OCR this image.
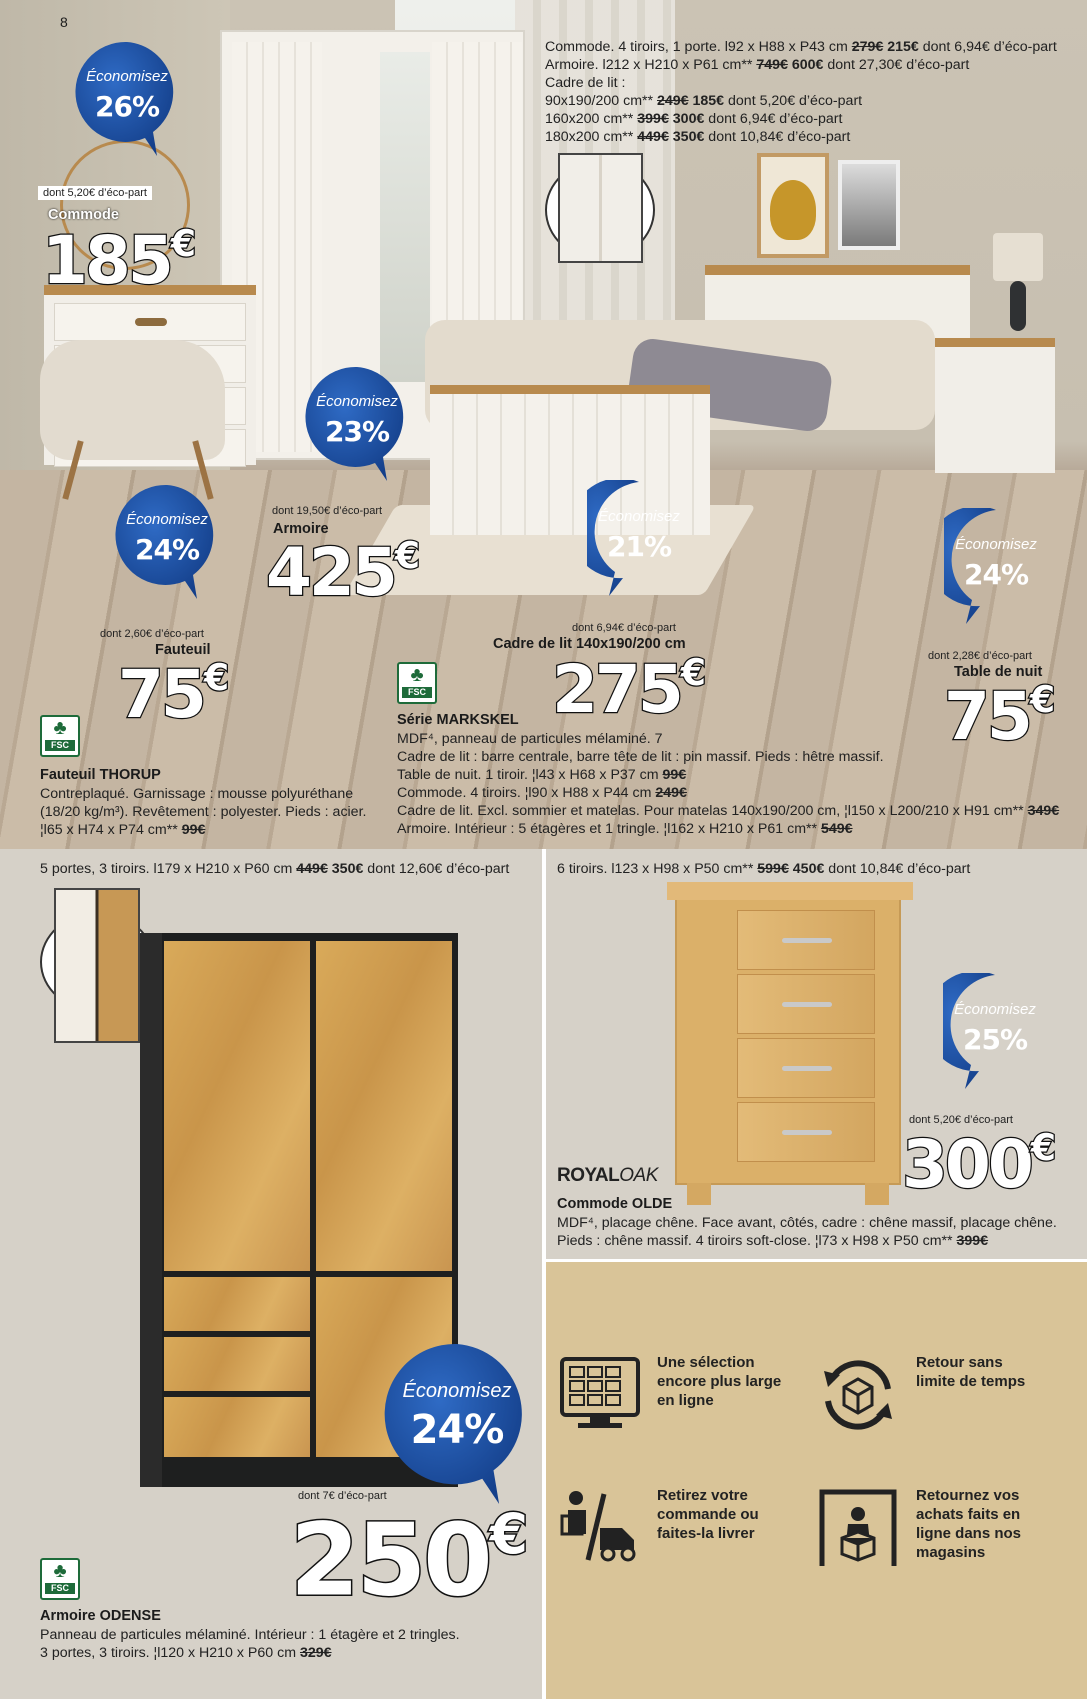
8
Commode. 4 tiroirs, 1 porte. l92 x H88 x P43 cm 279€ 215€ dont 6,94€ d’éco-part
Armoire. l212 x H210 x P61 cm** 749€ 600€ dont 27,30€ d’éco-part
Cadre de lit :
90x190/200 cm** 249€ 185€ dont 5,20€ d’éco-part
160x200 cm** 399€ 300€ dont 6,94€ d’éco-part
180x200 cm** 449€ 350€ dont 10,84€ d’éco-part
Économisez
26%
dont 5,20€ d’éco-part
Commode
185€
Économisez
23%
dont 19,50€ d’éco-part
Armoire
425€
Économisez
24%
dont 2,60€ d’éco-part
Fauteuil
75€
Économisez
21%
dont 6,94€ d’éco-part
Cadre de lit 140x190/200 cm
275€
Économisez
24%
dont 2,28€ d’éco-part
Table de nuit
75€
♣
FSC
♣
FSC
Fauteuil THORUP
Contreplaqué. Garnissage : mousse polyuréthane
(18/20 kg/m³). Revêtement : polyester. Pieds : acier.
¦l65 x H74 x P74 cm** 99€
Série MARKSKEL
MDF⁴, panneau de particules mélaminé. 7
Cadre de lit : barre centrale, barre tête de lit : pin massif. Pieds : hêtre massif.
Table de nuit. 1 tiroir. ¦l43 x H68 x P37 cm 99€
Commode. 4 tiroirs. ¦l90 x H88 x P44 cm 249€
Cadre de lit. Excl. sommier et matelas. Pour matelas 140x190/200 cm, ¦l150 x L200/210 x H91 cm** 349€
Armoire. Intérieur : 5 étagères et 1 tringle. ¦l162 x H210 x P61 cm** 549€
5 portes, 3 tiroirs. l179 x H210 x P60 cm 449€ 350€ dont 12,60€ d’éco-part
Économisez
24%
dont 7€ d’éco-part
250€
♣
FSC
Armoire ODENSE
Panneau de particules mélaminé. Intérieur : 1 étagère et 2 tringles.
3 portes, 3 tiroirs. ¦l120 x H210 x P60 cm 329€
6 tiroirs. l123 x H98 x P50 cm** 599€ 450€ dont 10,84€ d’éco-part
Économisez
25%
dont 5,20€ d’éco-part
300€
ROYALOAK
Commode OLDE
MDF⁴, placage chêne. Face avant, côtés, cadre : chêne massif, placage chêne.
Pieds : chêne massif. 4 tiroirs soft-close. ¦l73 x H98 x P50 cm** 399€
Une sélection encore plus large en ligne
Retour sans limite de temps
Retirez votre commande ou faites-la livrer
Retournez vos achats faits en ligne dans nos magasins
